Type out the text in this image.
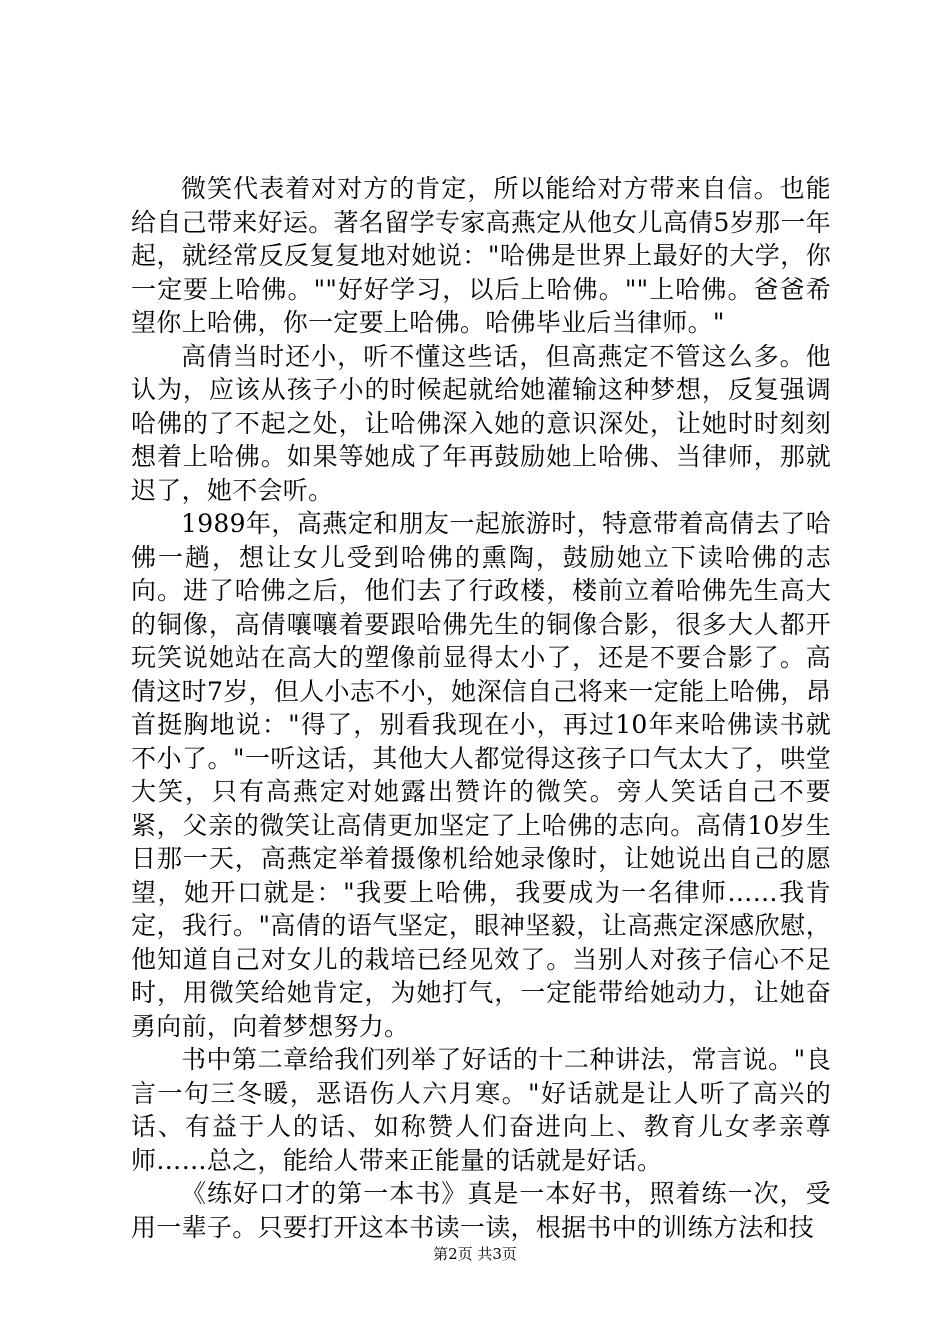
微笑代表着对对方的肯定，所以能给对方带来自信。也能给自己带来好运。著名留学专家高燕定从他女儿高倩5岁那一年起，就经常反反复复地对她说："哈佛是世界上最好的大学，你一定要上哈佛。""好好学习，以后上哈佛。""上哈佛。爸爸希望你上哈佛，你一定要上哈佛。哈佛毕业后当律师。"

高倩当时还小，听不懂这些话，但高燕定不管这么多。他认为，应该从孩子小的时候起就给她灌输这种梦想，反复强调哈佛的了不起之处，让哈佛深入她的意识深处，让她时时刻刻想着上哈佛。如果等她成了年再鼓励她上哈佛、当律师，那就迟了，她不会听。

1989年，高燕定和朋友一起旅游时，特意带着高倩去了哈佛一趟，想让女儿受到哈佛的熏陶，鼓励她立下读哈佛的志向。进了哈佛之后，他们去了行政楼，楼前立着哈佛先生高大的铜像，高倩嚷嚷着要跟哈佛先生的铜像合影，很多大人都开玩笑说她站在高大的塑像前显得太小了，还是不要合影了。高倩这时7岁，但人小志不小，她深信自己将来一定能上哈佛，昂首挺胸地说："得了，别看我现在小，再过10年来哈佛读书就不小了。"一听这话，其他大人都觉得这孩子口气太大了，哄堂大笑，只有高燕定对她露出赞许的微笑。旁人笑话自己不要紧，父亲的微笑让高倩更加坚定了上哈佛的志向。高倩10岁生日那一天，高燕定举着摄像机给她录像时，让她说出自己的愿望，她开口就是："我要上哈佛，我要成为一名律师……我肯定，我行。"高倩的语气坚定，眼神坚毅，让高燕定深感欣慰，他知道自己对女儿的栽培已经见效了。当别人对孩子信心不足时，用微笑给她肯定，为她打气，一定能带给她动力，让她奋勇向前，向着梦想努力。

书中第二章给我们列举了好话的十二种讲法，常言说。"良言一句三冬暖，恶语伤人六月寒。"好话就是让人听了高兴的话、有益于人的话、如称赞人们奋进向上、教育儿女孝亲尊师……总之，能给人带来正能量的话就是好话。

《练好口才的第一本书》真是一本好书，照着练一次，受用一辈子。只要打开这本书读一读，根据书中的训练方法和技

第2页 共3页
